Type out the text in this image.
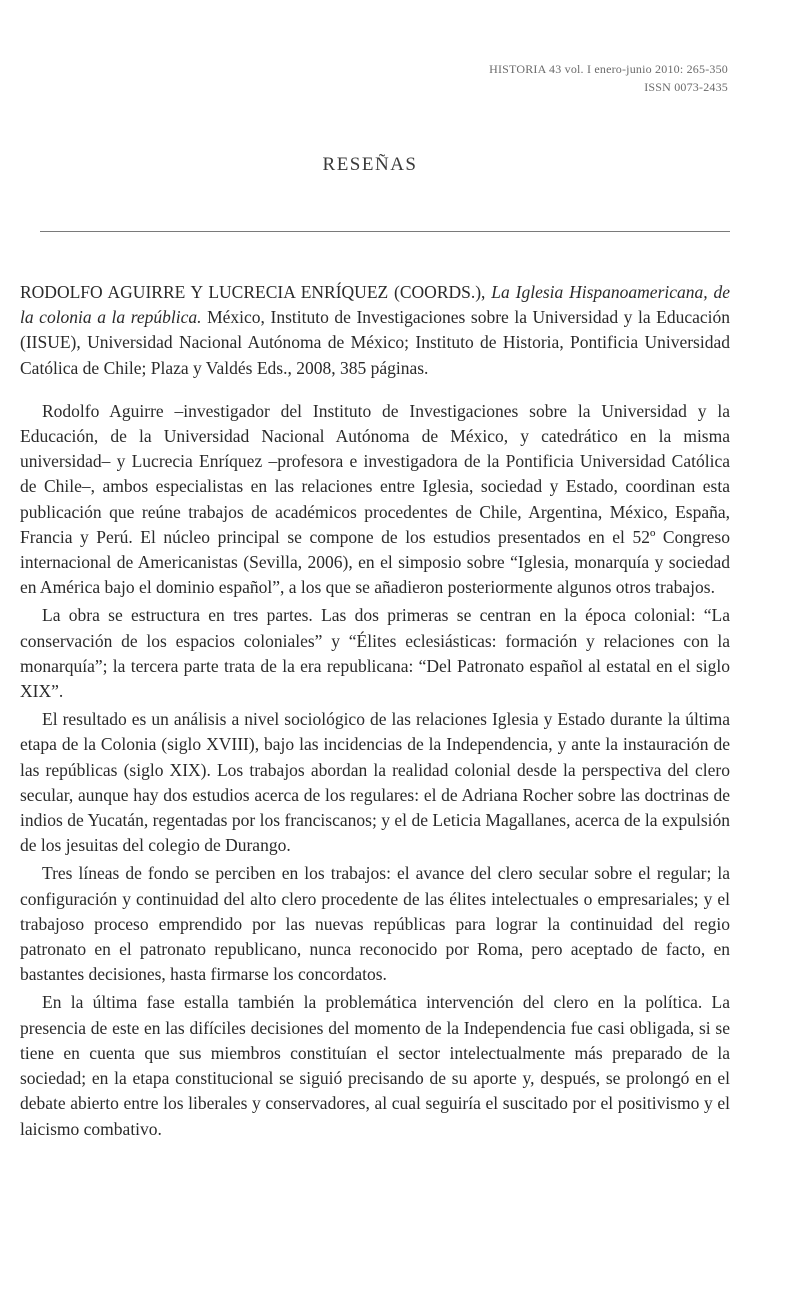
HISTORIA 43 vol. I enero-junio 2010: 265-350
ISSN 0073-2435
RESEÑAS

RODOLFO AGUIRRE Y LUCRECIA ENRÍQUEZ (COORDS.), La Iglesia Hispanoamericana, de la colonia a la república. México, Instituto de Investigaciones sobre la Universidad y la Educación (IISUE), Universidad Nacional Autónoma de México; Instituto de Historia, Pontificia Universidad Católica de Chile; Plaza y Valdés Eds., 2008, 385 páginas.

Rodolfo Aguirre –investigador del Instituto de Investigaciones sobre la Universidad y la Educación, de la Universidad Nacional Autónoma de México, y catedrático en la misma universidad– y Lucrecia Enríquez –profesora e investigadora de la Pontificia Universidad Católica de Chile–, ambos especialistas en las relaciones entre Iglesia, sociedad y Estado, coordinan esta publicación que reúne trabajos de académicos procedentes de Chile, Argentina, México, España, Francia y Perú. El núcleo principal se compone de los estudios presentados en el 52º Congreso internacional de Americanistas (Sevilla, 2006), en el simposio sobre “Iglesia, monarquía y sociedad en América bajo el dominio español”, a los que se añadieron posteriormente algunos otros trabajos.

La obra se estructura en tres partes. Las dos primeras se centran en la época colonial: “La conservación de los espacios coloniales” y “Élites eclesiásticas: formación y relaciones con la monarquía”; la tercera parte trata de la era republicana: “Del Patronato español al estatal en el siglo XIX”.

El resultado es un análisis a nivel sociológico de las relaciones Iglesia y Estado durante la última etapa de la Colonia (siglo XVIII), bajo las incidencias de la Independencia, y ante la instauración de las repúblicas (siglo XIX). Los trabajos abordan la realidad colonial desde la perspectiva del clero secular, aunque hay dos estudios acerca de los regulares: el de Adriana Rocher sobre las doctrinas de indios de Yucatán, regentadas por los franciscanos; y el de Leticia Magallanes, acerca de la expulsión de los jesuitas del colegio de Durango.

Tres líneas de fondo se perciben en los trabajos: el avance del clero secular sobre el regular; la configuración y continuidad del alto clero procedente de las élites intelectuales o empresariales; y el trabajoso proceso emprendido por las nuevas repúblicas para lograr la continuidad del regio patronato en el patronato republicano, nunca reconocido por Roma, pero aceptado de facto, en bastantes decisiones, hasta firmarse los concordatos.

En la última fase estalla también la problemática intervención del clero en la política. La presencia de este en las difíciles decisiones del momento de la Independencia fue casi obligada, si se tiene en cuenta que sus miembros constituían el sector intelectualmente más preparado de la sociedad; en la etapa constitucional se siguió precisando de su aporte y, después, se prolongó en el debate abierto entre los liberales y conservadores, al cual seguiría el suscitado por el positivismo y el laicismo combativo.
